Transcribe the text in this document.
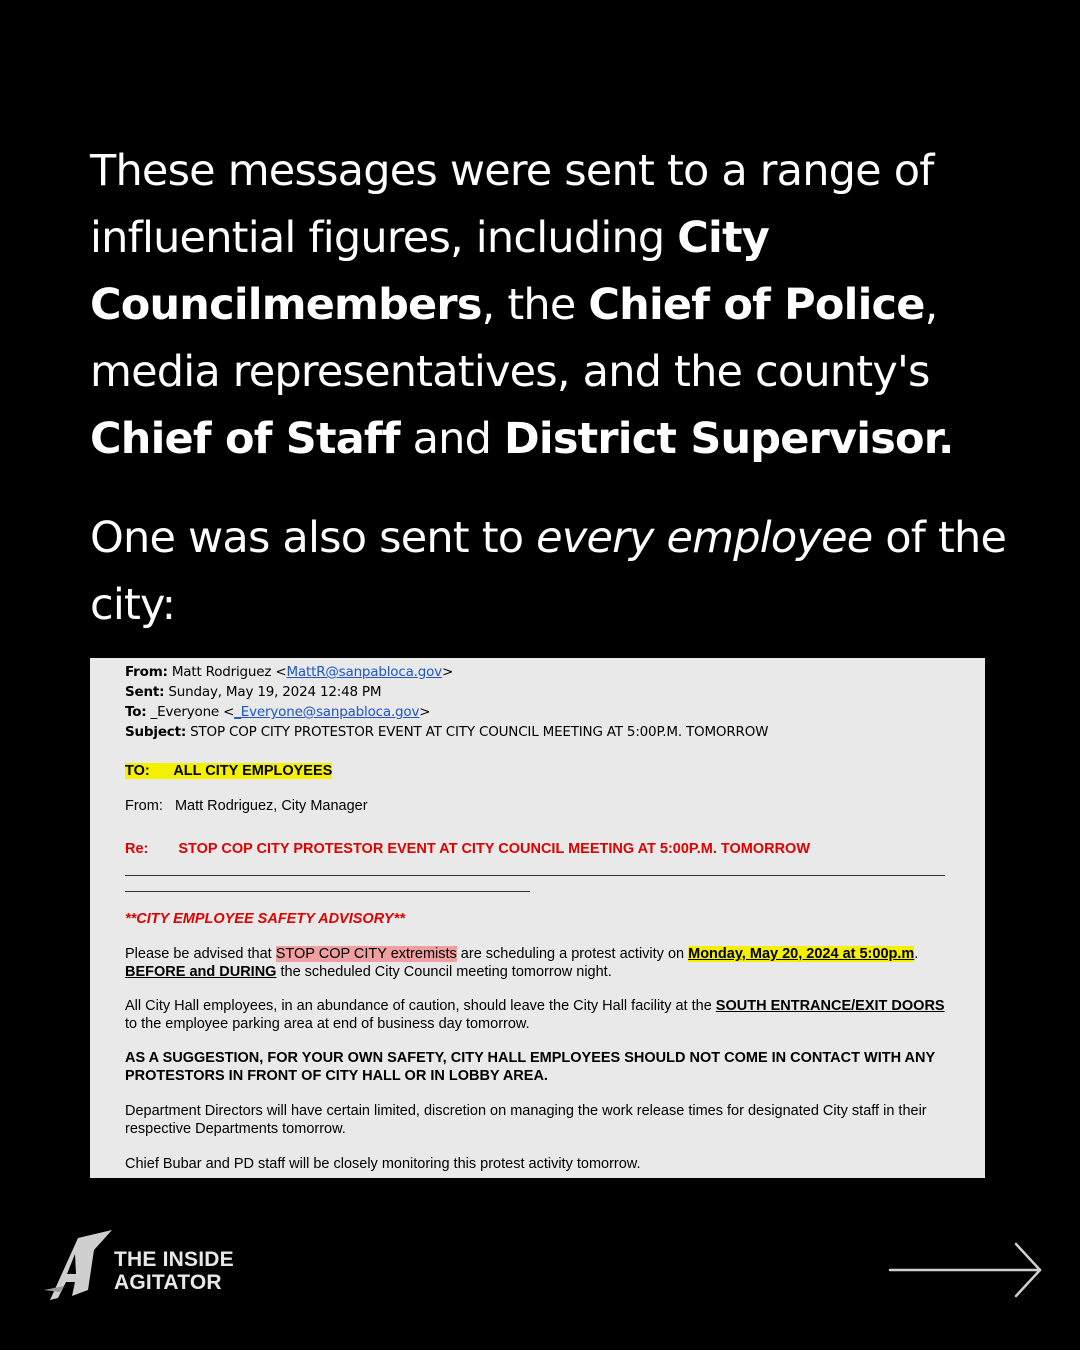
These messages were sent to a range of influential figures, including City Councilmembers, the Chief of Police, media representatives, and the county's Chief of Staff and District Supervisor.

One was also sent to every employee of the city:

From: Matt Rodriguez <MattR@sanpabloca.gov>
Sent: Sunday, May 19, 2024 12:48 PM
To: _Everyone <_Everyone@sanpabloca.gov>
Subject: STOP COP CITY PROTESTOR EVENT AT CITY COUNCIL MEETING AT 5:00P.M. TOMORROW
TO:      ALL CITY EMPLOYEES
From:   Matt Rodriguez, City Manager
Re: STOP COP CITY PROTESTOR EVENT AT CITY COUNCIL MEETING AT 5:00P.M. TOMORROW
**CITY EMPLOYEE SAFETY ADVISORY**
Please be advised that STOP COP CITY extremists are scheduling a protest activity on Monday, May 20, 2024 at 5:00p.m. BEFORE and DURING the scheduled City Council meeting tomorrow night.
All City Hall employees, in an abundance of caution, should leave the City Hall facility at the SOUTH ENTRANCE/EXIT DOORS to the employee parking area at end of business day tomorrow.
AS A SUGGESTION, FOR YOUR OWN SAFETY, CITY HALL EMPLOYEES SHOULD NOT COME IN CONTACT WITH ANY PROTESTORS IN FRONT OF CITY HALL OR IN LOBBY AREA.
Department Directors will have certain limited, discretion on managing the work release times for designated City staff in their respective Departments tomorrow.
Chief Bubar and PD staff will be closely monitoring this protest activity tomorrow.
THE INSIDE
AGITATOR
